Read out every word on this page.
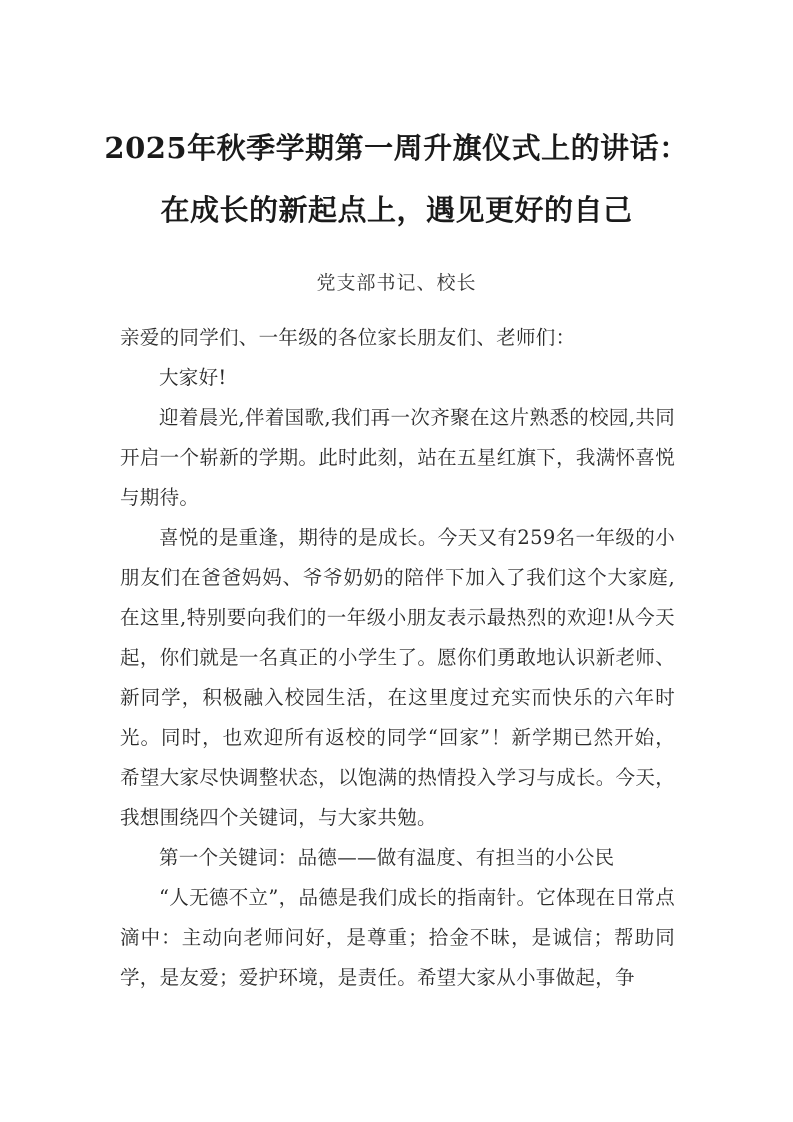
2025年秋季学期第一周升旗仪式上的讲话：
在成长的新起点上，遇见更好的自己
党支部书记、校长
亲爱的同学们、一年级的各位家长朋友们、老师们：
大家好!
迎着晨光,伴着国歌,我们再一次齐聚在这片熟悉的校园,共同开启一个崭新的学期。此时此刻，站在五星红旗下，我满怀喜悦与期待。
喜悦的是重逢，期待的是成长。今天又有259名一年级的小朋友们在爸爸妈妈、爷爷奶奶的陪伴下加入了我们这个大家庭,在这里,特别要向我们的一年级小朋友表示最热烈的欢迎!从今天起，你们就是一名真正的小学生了。愿你们勇敢地认识新老师、新同学，积极融入校园生活，在这里度过充实而快乐的六年时光。同时，也欢迎所有返校的同学“回家”！新学期已然开始，希望大家尽快调整状态，以饱满的热情投入学习与成长。今天，我想围绕四个关键词，与大家共勉。
第一个关键词：品德——做有温度、有担当的小公民
“人无德不立”，品德是我们成长的指南针。它体现在日常点滴中：主动向老师问好，是尊重；拾金不昧，是诚信；帮助同学，是友爱；爱护环境，是责任。希望大家从小事做起，争
